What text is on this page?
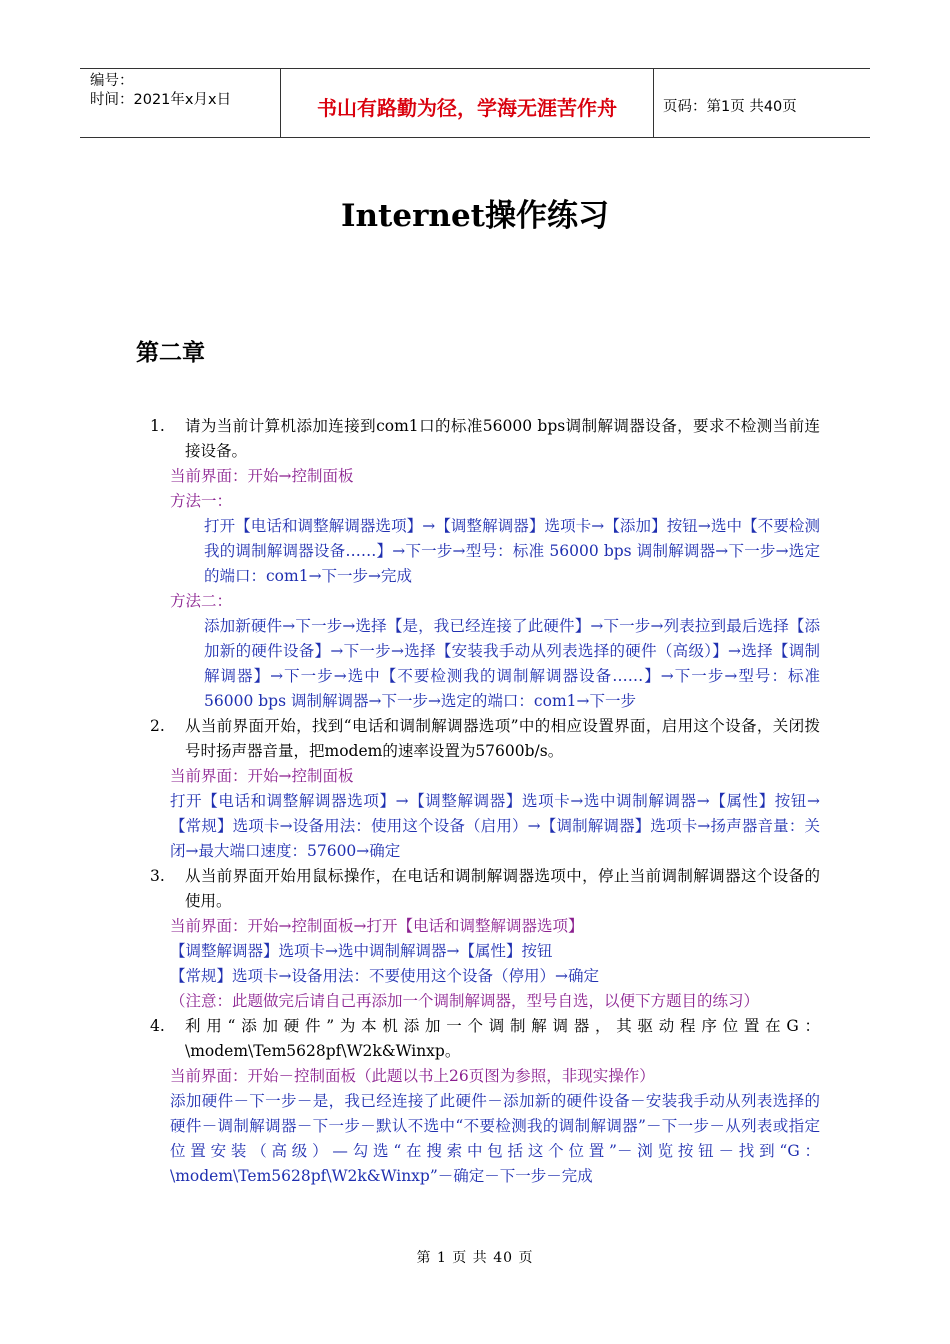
编号：
时间：2021年x月x日	书山有路勤为径，学海无涯苦作舟	页码：第1页 共40页
Internet操作练习
第二章
1.	请为当前计算机添加连接到com1口的标准56000 bps调制解调器设备，要求不检测当前连接设备。
当前界面：开始→控制面板
方法一：
打开【电话和调整解调器选项】→【调整解调器】选项卡→【添加】按钮→选中【不要检测我的调制解调器设备……】→下一步→型号：标准 56000 bps 调制解调器→下一步→选定的端口：com1→下一步→完成
方法二：
添加新硬件→下一步→选择【是，我已经连接了此硬件】→下一步→列表拉到最后选择【添加新的硬件设备】→下一步→选择【安装我手动从列表选择的硬件（高级）】→选择【调制解调器】→下一步→选中【不要检测我的调制解调器设备……】→下一步→型号：标准 56000 bps 调制解调器→下一步→选定的端口：com1→下一步
2.	从当前界面开始，找到“电话和调制解调器选项”中的相应设置界面，启用这个设备，关闭拨号时扬声器音量，把modem的速率设置为57600b/s。
当前界面：开始→控制面板
打开【电话和调整解调器选项】→【调整解调器】选项卡→选中调制解调器→【属性】按钮→【常规】选项卡→设备用法：使用这个设备（启用）→【调制解调器】选项卡→扬声器音量：关闭→最大端口速度：57600→确定
3.	从当前界面开始用鼠标操作，在电话和调制解调器选项中，停止当前调制解调器这个设备的使用。
当前界面：开始→控制面板→打开【电话和调整解调器选项】
【调整解调器】选项卡→选中调制解调器→【属性】按钮
【常规】选项卡→设备用法：不要使用这个设备（停用）→确定
（注意：此题做完后请自己再添加一个调制解调器，型号自选，以便下方题目的练习）
4.	利用“添加硬件”为本机添加一个调制解调器，其驱动程序位置在G：\modem\Tem5628pf\W2k&Winxp。
当前界面：开始－控制面板（此题以书上26页图为参照，非现实操作）
添加硬件－下一步－是，我已经连接了此硬件－添加新的硬件设备－安装我手动从列表选择的硬件－调制解调器－下一步－默认不选中“不要检测我的调制解调器”－下一步－从列表或指定位置安装（高级）—勾选“在搜索中包括这个位置”－浏览按钮－找到“G：\modem\Tem5628pf\W2k&Winxp”－确定－下一步－完成
第 1 页 共 40 页
